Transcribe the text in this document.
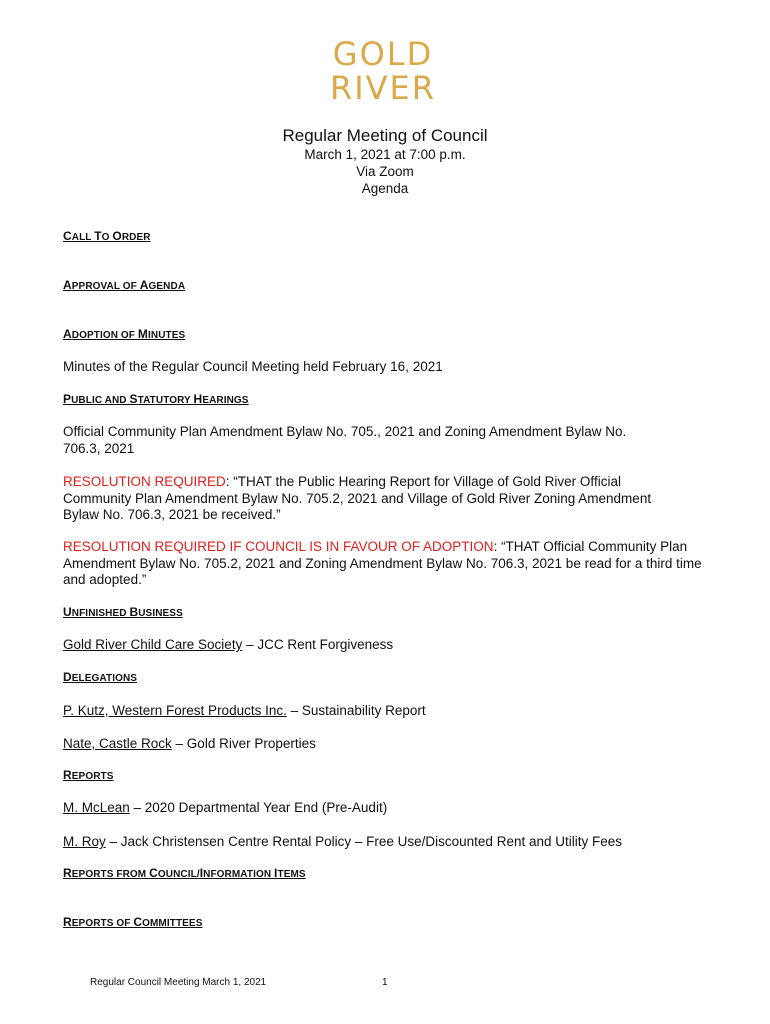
GOLD
RIVER
Regular Meeting of Council
March 1, 2021 at 7:00 p.m.
Via Zoom
Agenda
CALL TO ORDER
APPROVAL OF AGENDA
ADOPTION OF MINUTES
Minutes of the Regular Council Meeting held February 16, 2021
PUBLIC AND STATUTORY HEARINGS
Official Community Plan Amendment Bylaw No. 705., 2021 and Zoning Amendment Bylaw No. 706.3, 2021
RESOLUTION REQUIRED: “THAT the Public Hearing Report for Village of Gold River Official Community Plan Amendment Bylaw No. 705.2, 2021 and Village of Gold River Zoning Amendment Bylaw No. 706.3, 2021 be received.”
RESOLUTION REQUIRED IF COUNCIL IS IN FAVOUR OF ADOPTION: “THAT Official Community Plan Amendment Bylaw No. 705.2, 2021 and Zoning Amendment Bylaw No. 706.3, 2021 be read for a third time and adopted.”
UNFINISHED BUSINESS
Gold River Child Care Society – JCC Rent Forgiveness
DELEGATIONS
P. Kutz, Western Forest Products Inc. – Sustainability Report
Nate, Castle Rock – Gold River Properties
REPORTS
M. McLean – 2020 Departmental Year End (Pre-Audit)
M. Roy – Jack Christensen Centre Rental Policy – Free Use/Discounted Rent and Utility Fees
REPORTS FROM COUNCIL/INFORMATION ITEMS
REPORTS OF COMMITTEES
Regular Council Meeting March 1, 2021	1
